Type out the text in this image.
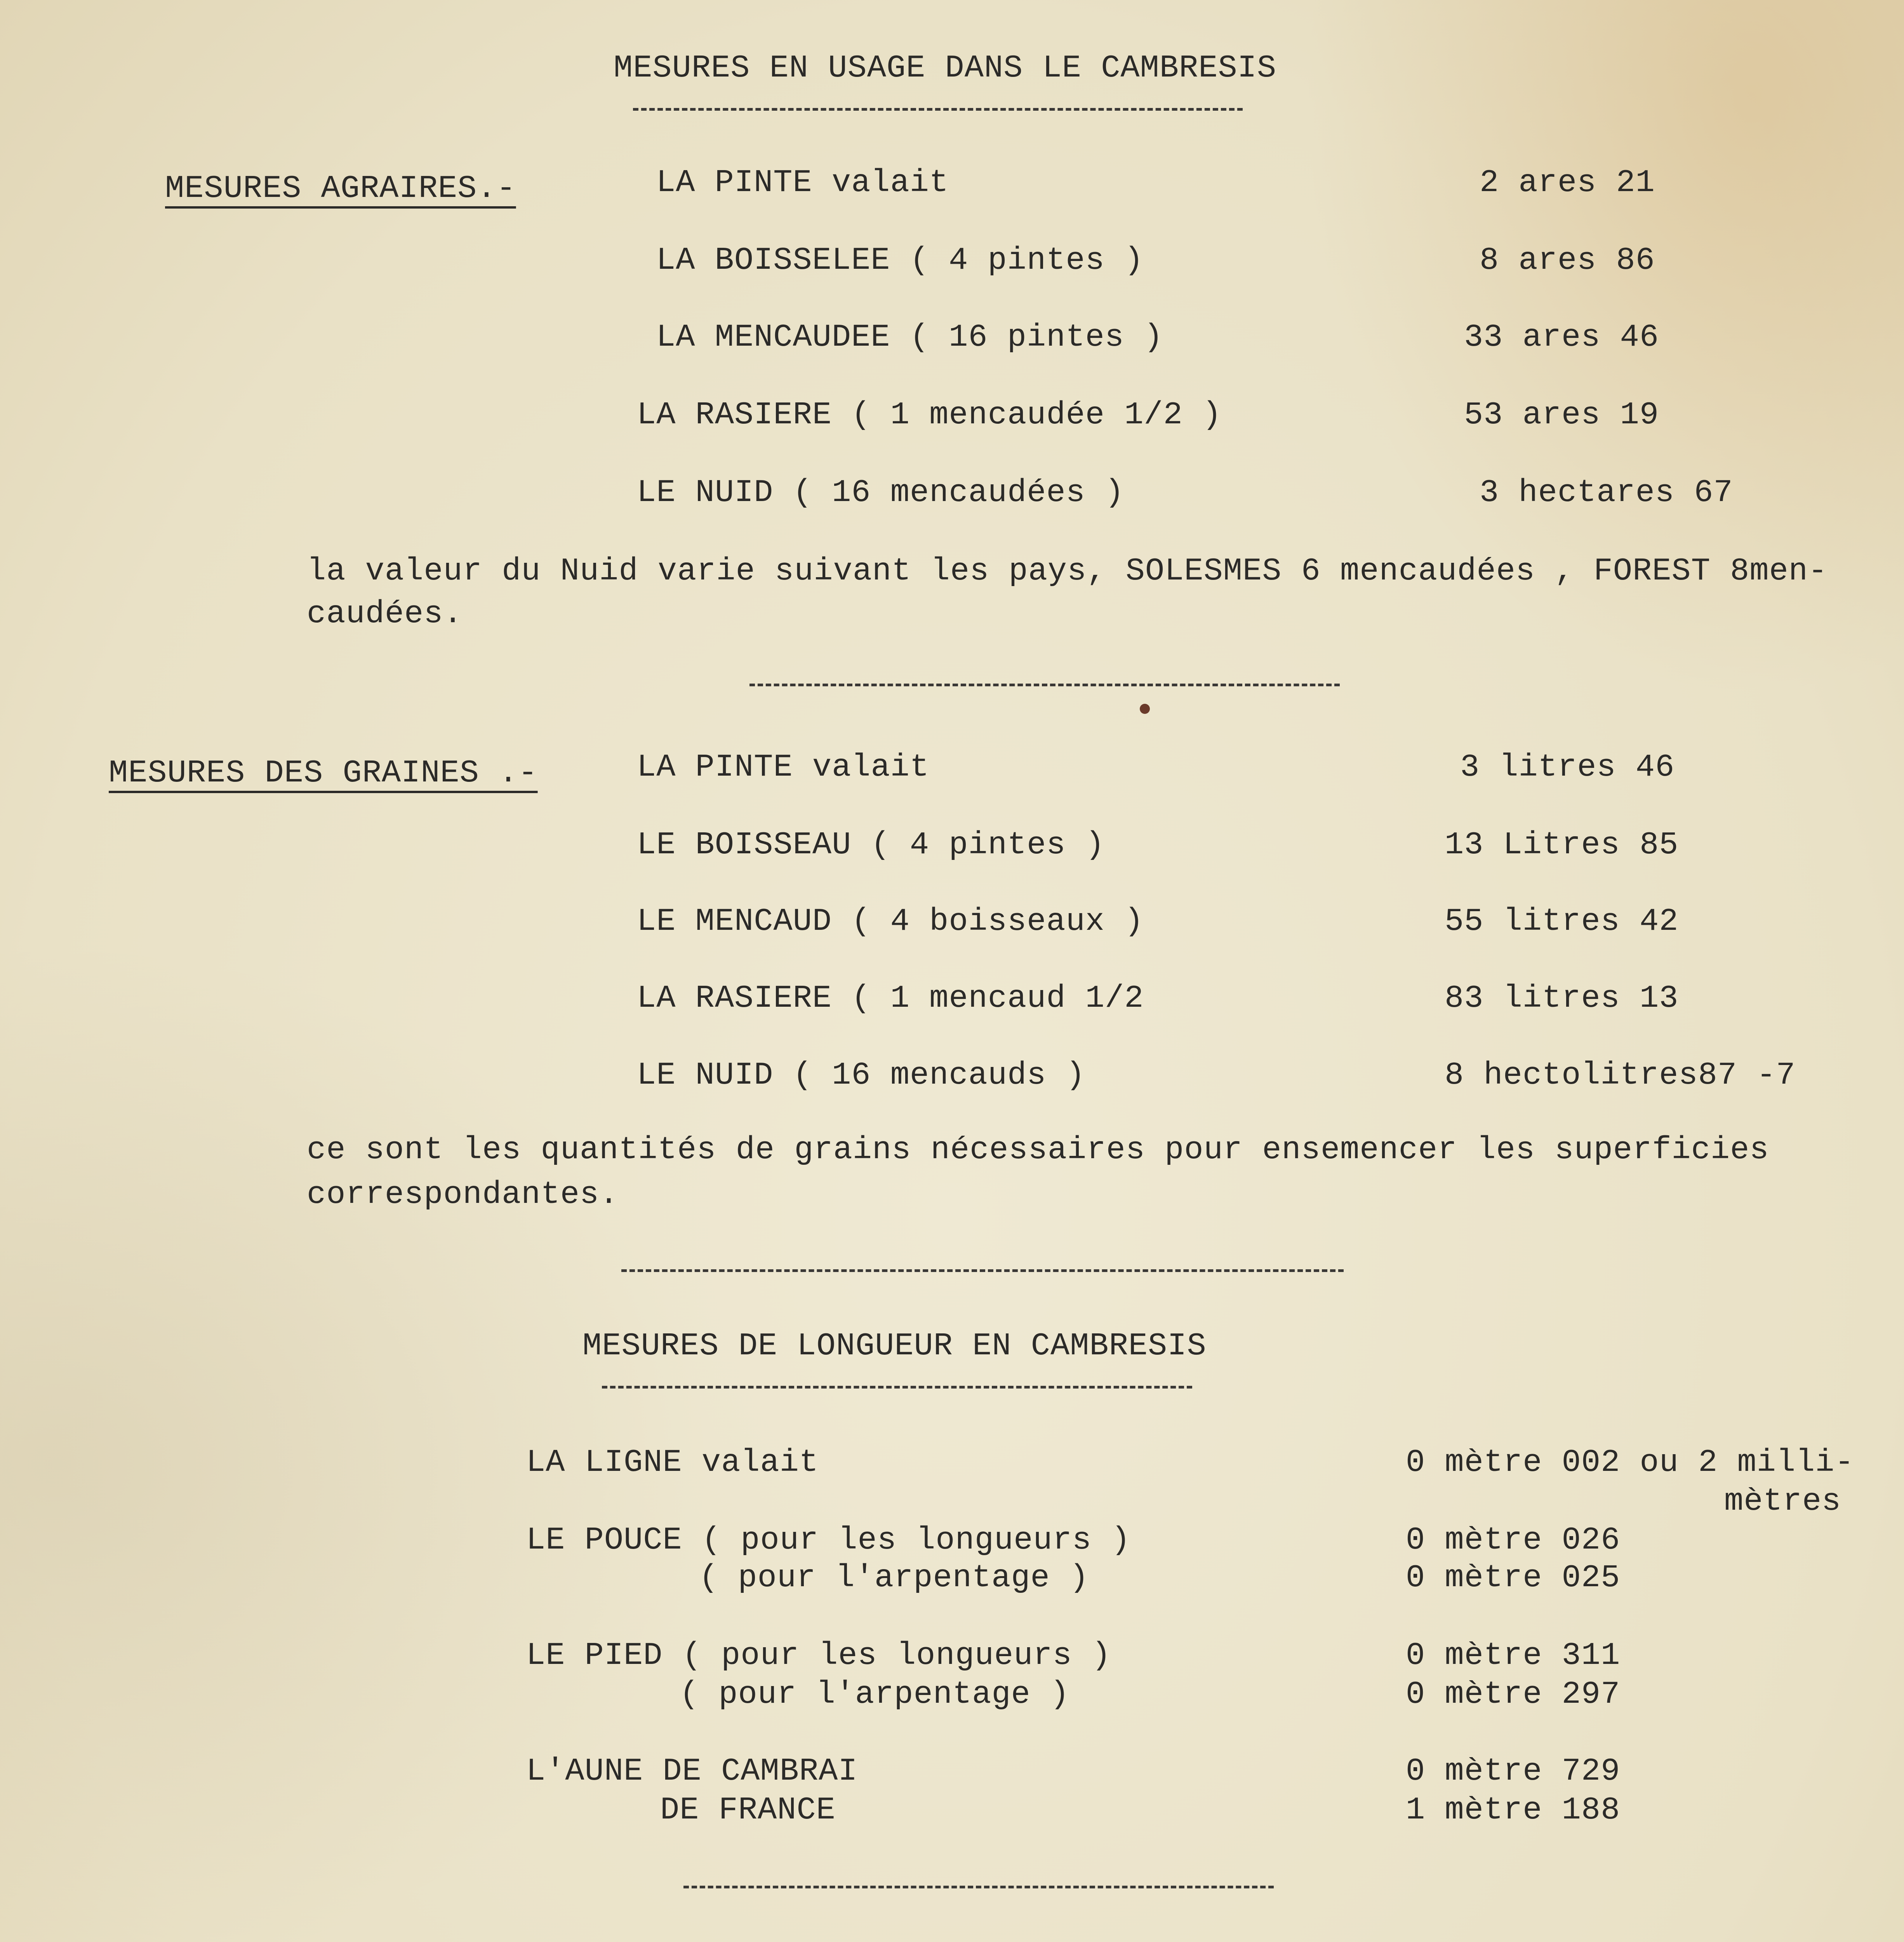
MESURES EN USAGE DANS LE CAMBRESIS
MESURES AGRAIRES.-	LA PINTE valait	2 ares 21
LA BOISSELEE ( 4 pintes )	8 ares 86
LA MENCAUDEE ( 16 pintes )	33 ares 46
LA RASIERE ( 1 mencaudée 1/2 )	53 ares 19
LE NUID ( 16 mencaudées )	3 hectares 67
la valeur du Nuid varie suivant les pays, SOLESMES 6 mencaudées , FOREST 8men-
caudées.
MESURES DES GRAINES .-	LA PINTE valait	3 litres 46
LE BOISSEAU ( 4 pintes )	13 Litres 85
LE MENCAUD ( 4 boisseaux )	55 litres 42
LA RASIERE ( 1 mencaud 1/2	83 litres 13
LE NUID ( 16 mencauds )	8 hectolitres87 -7
ce sont les quantités de grains nécessaires pour ensemencer les superficies
correspondantes.
MESURES DE LONGUEUR EN CAMBRESIS
LA LIGNE valait	0 mètre 002 ou 2 milli-
mètres
LE POUCE ( pour les longueurs )	0 mètre 026
( pour l'arpentage )	0 mètre 025
LE PIED ( pour les longueurs )	0 mètre 311
( pour l'arpentage )	0 mètre 297
L'AUNE DE CAMBRAI	0 mètre 729
DE FRANCE	1 mètre 188
